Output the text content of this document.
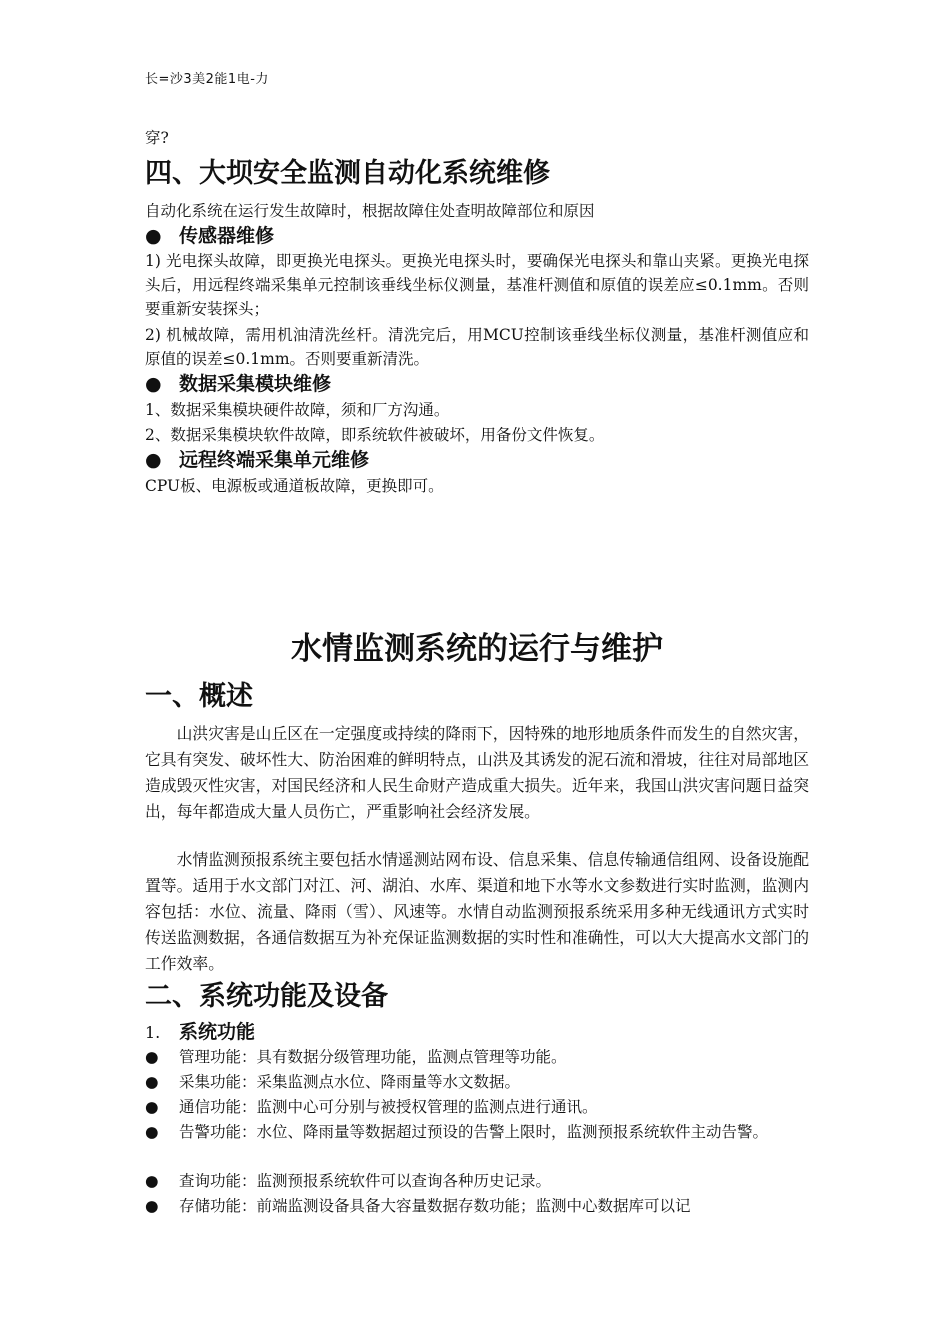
长=沙3美2能1电-力
穿?
四、大坝安全监测自动化系统维修
自动化系统在运行发生故障时，根据故障住处查明故障部位和原因
● 传感器维修
1) 光电探头故障，即更换光电探头。更换光电探头时，要确保光电探头和靠山夹紧。更换光电探头后，用远程终端采集单元控制该垂线坐标仪测量，基准杆测值和原值的误差应≤0.1mm。否则要重新安装探头；
2) 机械故障，需用机油清洗丝杆。清洗完后，用MCU控制该垂线坐标仪测量，基准杆测值应和原值的误差≤0.1mm。否则要重新清洗。
● 数据采集模块维修
1、数据采集模块硬件故障，须和厂方沟通。
2、数据采集模块软件故障，即系统软件被破坏，用备份文件恢复。
● 远程终端采集单元维修
CPU板、电源板或通道板故障，更换即可。
水情监测系统的运行与维护
一、概述
山洪灾害是山丘区在一定强度或持续的降雨下，因特殊的地形地质条件而发生的自然灾害，它具有突发、破坏性大、防治困难的鲜明特点，山洪及其诱发的泥石流和滑坡，往往对局部地区造成毁灭性灾害，对国民经济和人民生命财产造成重大损失。近年来，我国山洪灾害问题日益突出，每年都造成大量人员伤亡，严重影响社会经济发展。
水情监测预报系统主要包括水情遥测站网布设、信息采集、信息传输通信组网、设备设施配置等。适用于水文部门对江、河、湖泊、水库、渠道和地下水等水文参数进行实时监测，监测内容包括：水位、流量、降雨（雪）、风速等。水情自动监测预报系统采用多种无线通讯方式实时传送监测数据，各通信数据互为补充保证监测数据的实时性和准确性，可以大大提高水文部门的工作效率。
二、系统功能及设备
1. 系统功能
●	管理功能：具有数据分级管理功能，监测点管理等功能。
●	采集功能：采集监测点水位、降雨量等水文数据。
●	通信功能：监测中心可分别与被授权管理的监测点进行通讯。
●	告警功能：水位、降雨量等数据超过预设的告警上限时，监测预报系统软件主动告警。
●	查询功能：监测预报系统软件可以查询各种历史记录。
●	存储功能：前端监测设备具备大容量数据存数功能；监测中心数据库可以记
